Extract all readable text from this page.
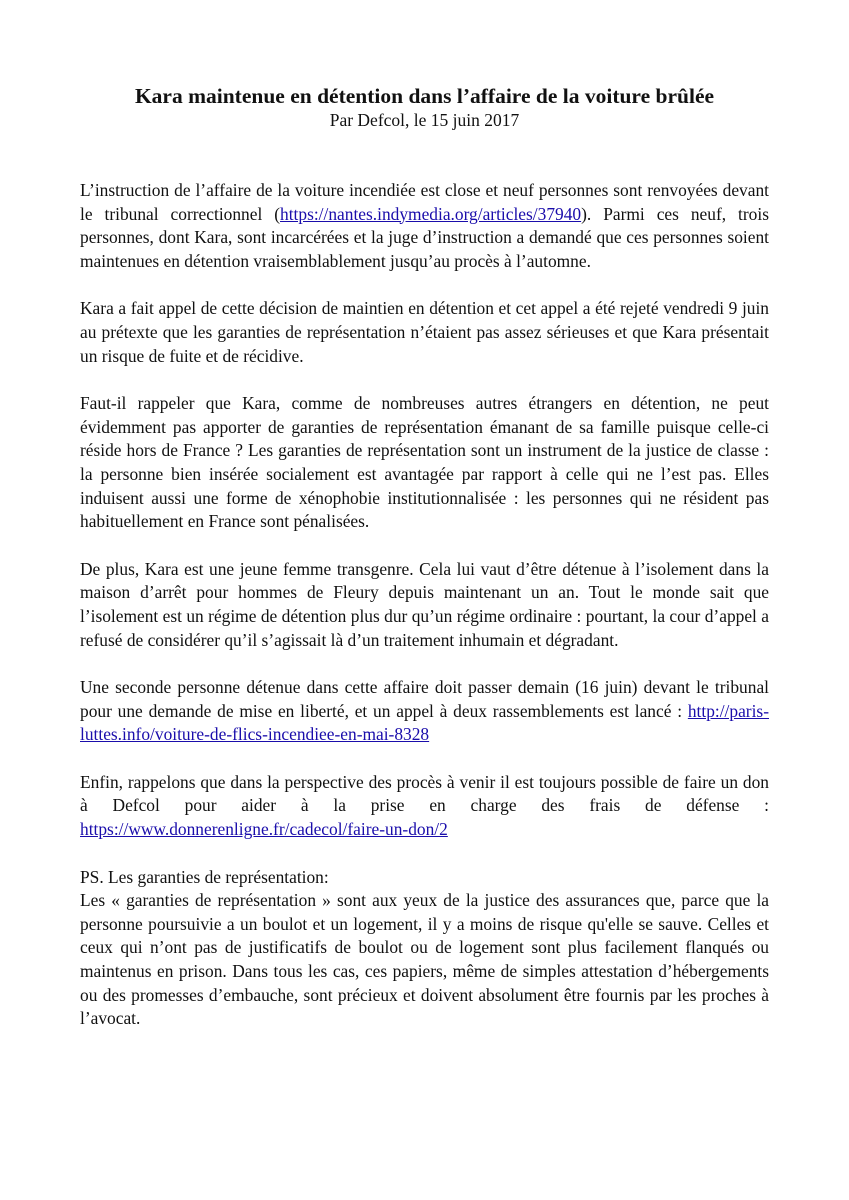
Kara maintenue en détention dans l’affaire de la voiture brûlée
Par Defcol, le 15 juin 2017

L’instruction de l’affaire de la voiture incendiée est close et neuf personnes sont renvoyées devant le tribunal correctionnel (https://nantes.indymedia.org/articles/37940). Parmi ces neuf, trois personnes, dont Kara, sont incarcérées et la juge d’instruction a demandé que ces personnes soient maintenues en détention vraisemblablement jusqu’au procès à l’automne.

Kara a fait appel de cette décision de maintien en détention et cet appel a été rejeté vendredi 9 juin au prétexte que les garanties de représentation n’étaient pas assez sérieuses et que Kara présentait un risque de fuite et de récidive.

Faut-il rappeler que Kara, comme de nombreuses autres étrangers en détention, ne peut évidemment pas apporter de garanties de représentation émanant de sa famille puisque celle-ci réside hors de France ? Les garanties de représentation sont un instrument de la justice de classe : la personne bien insérée socialement est avantagée par rapport à celle qui ne l’est pas. Elles induisent aussi une forme de xénophobie institutionnalisée : les personnes qui ne résident pas habituellement en France sont pénalisées.

De plus, Kara est une jeune femme transgenre. Cela lui vaut d’être détenue à l’isolement dans la maison d’arrêt pour hommes de Fleury depuis maintenant un an. Tout le monde sait que l’isolement est un régime de détention plus dur qu’un régime ordinaire : pourtant, la cour d’appel a refusé de considérer qu’il s’agissait là d’un traitement inhumain et dégradant.

Une seconde personne détenue dans cette affaire doit passer demain (16 juin) devant le tribunal pour une demande de mise en liberté, et un appel à deux rassemblements est lancé : http://paris-luttes.info/voiture-de-flics-incendiee-en-mai-8328

Enfin, rappelons que dans la perspective des procès à venir il est toujours possible de faire un don à Defcol pour aider à la prise en charge des frais de défense : https://www.donnerenligne.fr/cadecol/faire-un-don/2

PS. Les garanties de représentation:

Les « garanties de représentation » sont aux yeux de la justice des assurances que, parce que la personne poursuivie a un boulot et un logement, il y a moins de risque qu'elle se sauve. Celles et ceux qui n’ont pas de justificatifs de boulot ou de logement sont plus facilement flanqués ou maintenus en prison. Dans tous les cas, ces papiers, même de simples attestation d’hébergements ou des promesses d’embauche, sont précieux et doivent absolument être fournis par les proches à l’avocat.
